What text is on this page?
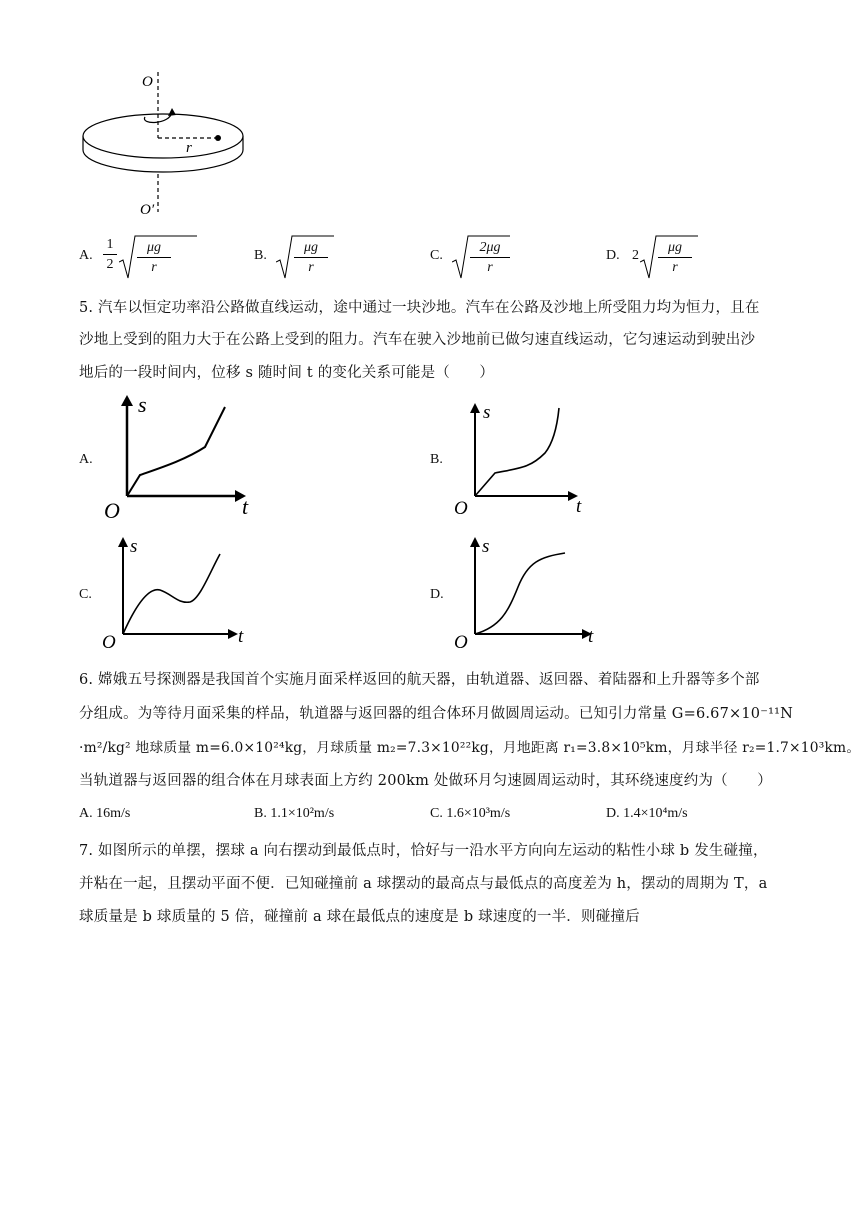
O
r
O′
A. $\frac{1}{2} \frac{\mu g}{r}$	B. $\frac{\mu g}{r}$	C. $\frac{2\mu g}{r}$	D. $2 \frac{\mu g}{r}$
5. 汽车以恒定功率沿公路做直线运动，途中通过一块沙地。汽车在公路及沙地上所受阻力均为恒力，且在
沙地上受到的阻力大于在公路上受到的阻力。汽车在驶入沙地前已做匀速直线运动，它匀速运动到驶出沙
地后的一段时间内，位移 s 随时间 t 的变化关系可能是（　　）
A.
s
t
O
B.
s
t
O
C.
s
t
O
D.
s
t
O
6. 嫦娥五号探测器是我国首个实施月面采样返回的航天器，由轨道器、返回器、着陆器和上升器等多个部
分组成。为等待月面采集的样品，轨道器与返回器的组合体环月做圆周运动。已知引力常量 G=6.67×10⁻¹¹N
·m²/kg² 地球质量 m=6.0×10²⁴kg，月球质量 m₂=7.3×10²²kg，月地距离 r₁=3.8×10⁵km，月球半径 r₂=1.7×10³km。
当轨道器与返回器的组合体在月球表面上方约 200km 处做环月匀速圆周运动时，其环绕速度约为（　　）
A. 16m/s	B. 1.1×10²m/s	C. 1.6×10³m/s	D. 1.4×10⁴m/s
7. 如图所示的单摆，摆球 a 向右摆动到最低点时，恰好与一沿水平方向向左运动的粘性小球 b 发生碰撞，
并粘在一起，且摆动平面不便．已知碰撞前 a 球摆动的最高点与最低点的高度差为 h，摆动的周期为 T，a
球质量是 b 球质量的 5 倍，碰撞前 a 球在最低点的速度是 b 球速度的一半．则碰撞后
